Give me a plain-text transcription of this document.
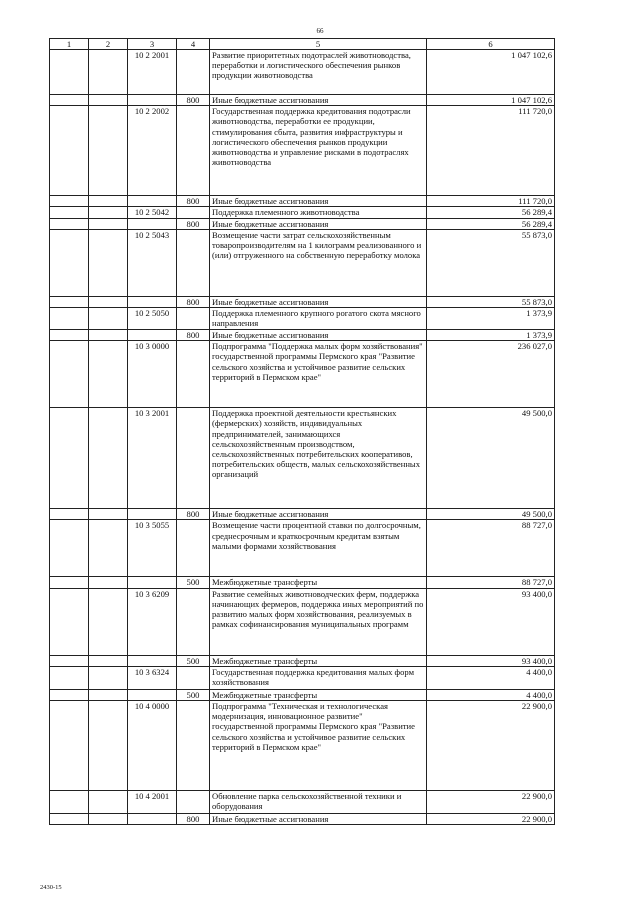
66
1	2	3	4	5	6
		10 2 2001		Развитие приоритетных подотраслей животноводства, переработки и логистического обеспечения рынков продукции животноводства	1 047 102,6
			800	Иные бюджетные ассигнования	1 047 102,6
		10 2 2002		Государственная поддержка кредитования подотрасли животноводства, переработки ее продукции, стимулирования сбыта, развития инфраструктуры и логистического обеспечения рынков продукции животноводства и управление рисками в подотраслях животноводства	111 720,0
			800	Иные бюджетные ассигнования	111 720,0
		10 2 5042		Поддержка племенного животноводства	56 289,4
			800	Иные бюджетные ассигнования	56 289,4
		10 2 5043		Возмещение части затрат сельскохозяйственным товаропроизводителям на 1 килограмм реализованного и (или) отгруженного на собственную переработку молока	55 873,0
			800	Иные бюджетные ассигнования	55 873,0
		10 2 5050		Поддержка племенного крупного рогатого скота мясного направления	1 373,9
			800	Иные бюджетные ассигнования	1 373,9
		10 3 0000		Подпрограмма "Поддержка малых форм хозяйствования" государственной программы Пермского края "Развитие сельского хозяйства и устойчивое развитие сельских территорий в Пермском крае"	236 027,0
		10 3 2001		Поддержка проектной деятельности крестьянских (фермерских) хозяйств, индивидуальных предпринимателей, занимающихся сельскохозяйственным производством, сельскохозяйственных потребительских кооперативов, потребительских обществ, малых сельскохозяйственных организаций	49 500,0
			800	Иные бюджетные ассигнования	49 500,0
		10 3 5055		Возмещение части процентной ставки по долгосрочным, среднесрочным и краткосрочным кредитам взятым малыми формами хозяйствования	88 727,0
			500	Межбюджетные трансферты	88 727,0
		10 3 6209		Развитие семейных животноводческих ферм, поддержка начинающих фермеров, поддержка иных мероприятий по развитию малых форм хозяйствования, реализуемых в рамках софинансирования муниципальных программ	93 400,0
			500	Межбюджетные трансферты	93 400,0
		10 3 6324		Государственная поддержка кредитования малых форм хозяйствования	4 400,0
			500	Межбюджетные трансферты	4 400,0
		10 4 0000		Подпрограмма "Техническая и технологическая модернизация, инновационное развитие" государственной программы Пермского края "Развитие сельского хозяйства и устойчивое развитие сельских территорий в Пермском крае"	22 900,0
		10 4 2001		Обновление парка сельскохозяйственной техники и оборудования	22 900,0
			800	Иные бюджетные ассигнования	22 900,0
2430-15
